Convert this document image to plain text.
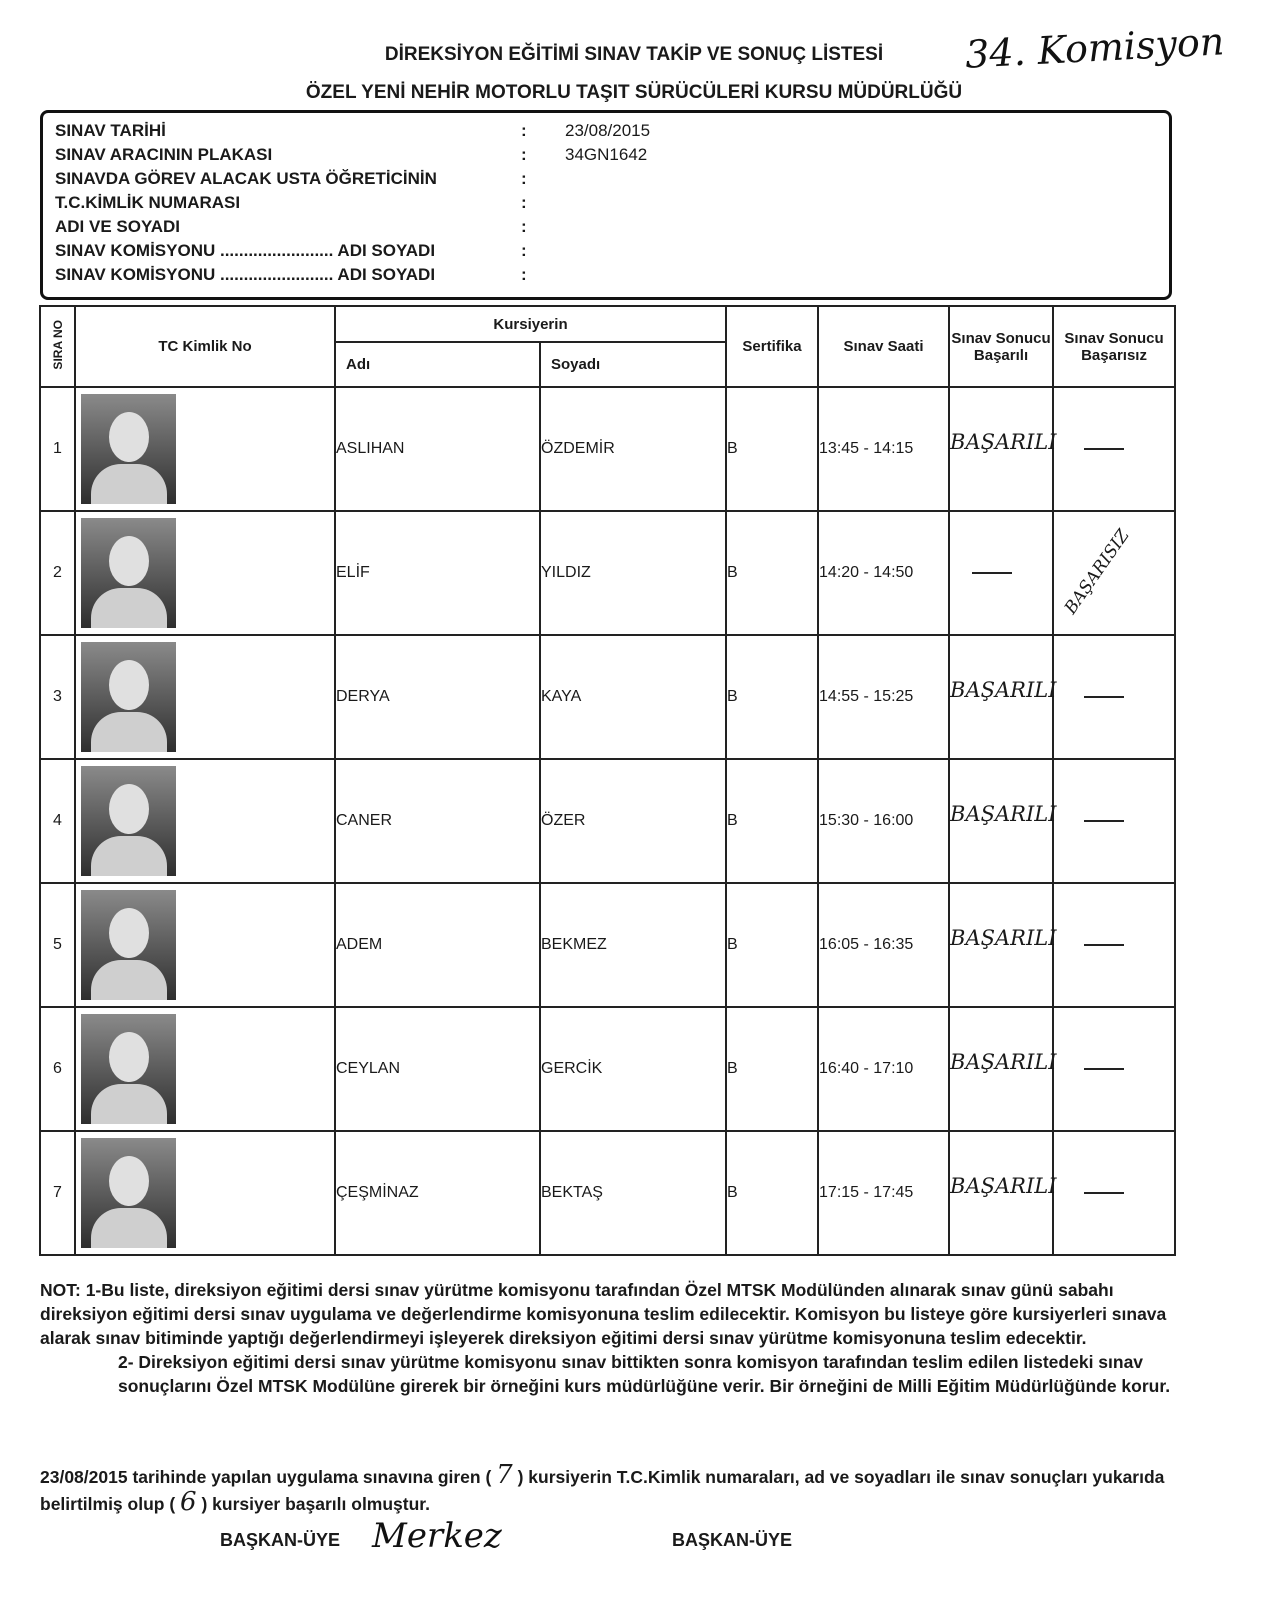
DİREKSİYON EĞİTİMİ SINAV TAKİP VE SONUÇ LİSTESİ
ÖZEL YENİ NEHİR MOTORLU TAŞIT SÜRÜCÜLERİ KURSU MÜDÜRLÜĞÜ
34. Komisyon
SINAV TARİHİ	: 23/08/2015
SINAV ARACININ PLAKASI	: 34GN1642
SINAVDA GÖREV ALACAK USTA ÖĞRETİCİNİN	:
T.C.KİMLİK NUMARASI	:
ADI VE SOYADI	:
SINAV KOMİSYONU ........................ ADI SOYADI	:
SINAV KOMİSYONU ........................ ADI SOYADI	:
SIRA NO	TC Kimlik No	Kursiyerin		Sertifika	Sınav Saati	Sınav Sonucu Başarılı	Sınav Sonucu Başarısız
		Adı	Soyadı				
1		ASLIHAN	ÖZDEMİR	B	13:45 - 14:15	BAŞARILI	

2		ELİF	YILDIZ	B	14:20 - 14:50		BAŞARISIZ

3		DERYA	KAYA	B	14:55 - 15:25	BAŞARILI	

4		CANER	ÖZER	B	15:30 - 16:00	BAŞARILI	

5		ADEM	BEKMEZ	B	16:05 - 16:35	BAŞARILI	

6		CEYLAN	GERCİK	B	16:40 - 17:10	BAŞARILI	

7		ÇEŞMİNAZ	BEKTAŞ	B	17:15 - 17:45	BAŞARILI	

NOT: 1-Bu liste, direksiyon eğitimi dersi sınav yürütme komisyonu tarafından Özel MTSK Modülünden alınarak sınav günü sabahı direksiyon eğitimi dersi sınav uygulama ve değerlendirme komisyonuna teslim edilecektir. Komisyon bu listeye göre kursiyerleri sınava alarak sınav bitiminde yaptığı değerlendirmeyi işleyerek direksiyon eğitimi dersi sınav yürütme komisyonuna teslim edecektir.

2- Direksiyon eğitimi dersi sınav yürütme komisyonu sınav bittikten sonra komisyon tarafından teslim edilen listedeki sınav sonuçlarını Özel MTSK Modülüne girerek bir örneğini kurs müdürlüğüne verir. Bir örneğini de Milli Eğitim Müdürlüğünde korur.

23/08/2015 tarihinde yapılan uygulama sınavına giren ( 7 ) kursiyerin T.C.Kimlik numaraları, ad ve soyadları ile sınav sonuçları yukarıda belirtilmiş olup ( 6 ) kursiyer başarılı olmuştur.
BAŞKAN-ÜYE Merkez	BAŞKAN-ÜYE
